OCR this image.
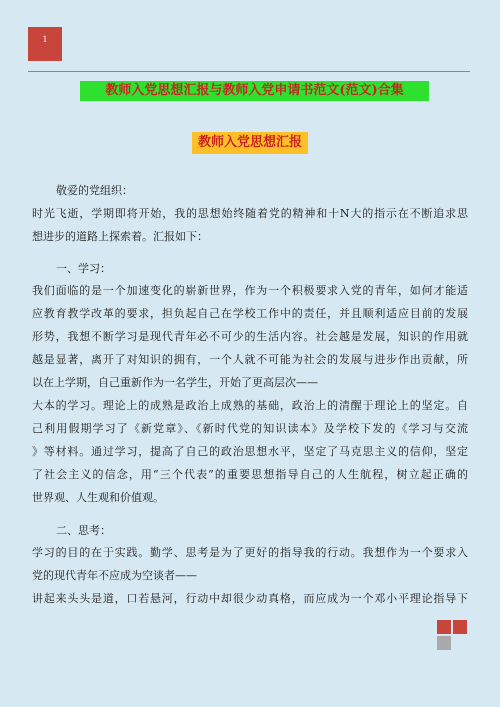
1
教师入党思想汇报与教师入党申请书范文(范文)合集
教师入党思想汇报
敬爱的党组织：
时光飞逝，学期即将开始，我的思想始终随着党的精神和十N大的指示在不断追求思
想进步的道路上探索着。汇报如下：
一、学习：
我们面临的是一个加速变化的崭新世界，作为一个积极要求入党的青年，如何才能适
应教育教学改革的要求，担负起自己在学校工作中的责任，并且顺利适应目前的发展
形势，我想不断学习是现代青年必不可少的生活内容。社会越是发展，知识的作用就
越是显著，离开了对知识的拥有，一个人就不可能为社会的发展与进步作出贡献，所
以在上学期，自己重新作为一名学生，开始了更高层次——
大本的学习。理论上的成熟是政治上成熟的基础，政治上的清醒于理论上的坚定。自
己利用假期学习了《新党章》、《新时代党的知识读本》及学校下发的《学习与交流
》等材料。通过学习，提高了自己的政治思想水平，坚定了马克思主义的信仰，坚定
了社会主义的信念，用“三个代表”的重要思想指导自己的人生航程，树立起正确的
世界观、人生观和价值观。
二、思考：
学习的目的在于实践。勤学、思考是为了更好的指导我的行动。我想作为一个要求入
党的现代青年不应成为空谈者——
讲起来头头是道，口若悬河，行动中却很少动真格，而应成为一个邓小平理论指导下
